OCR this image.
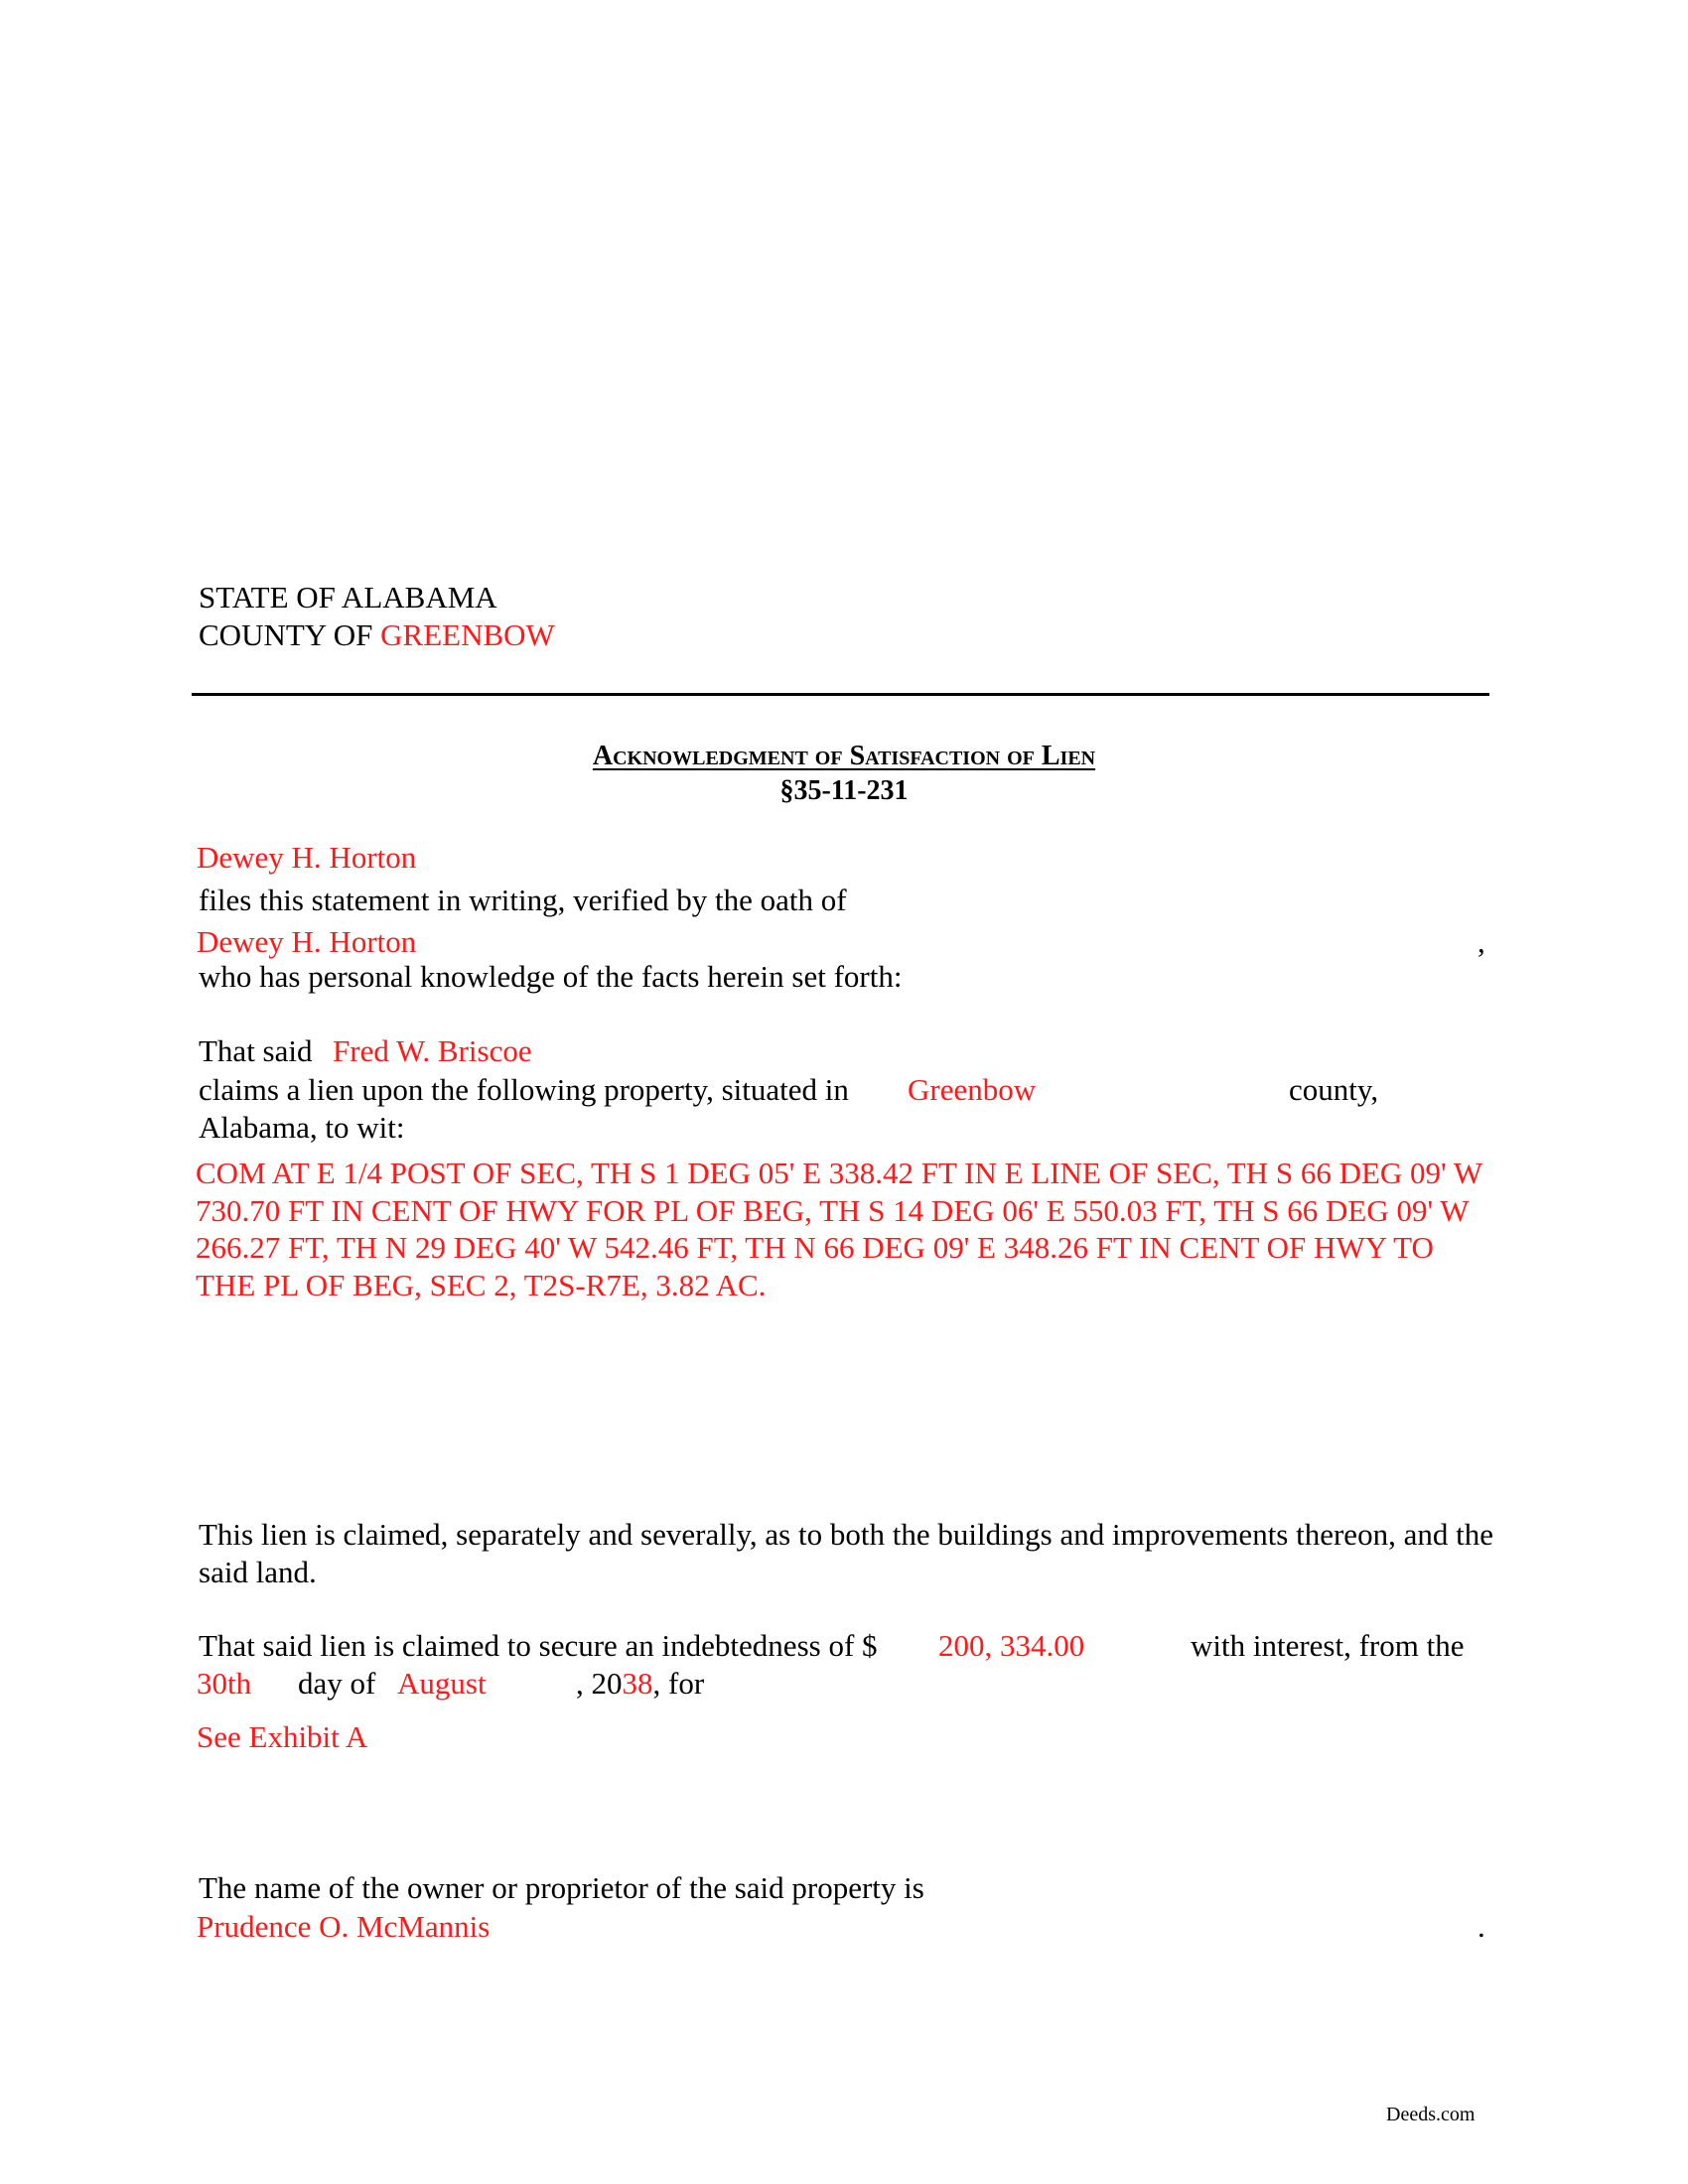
STATE OF ALABAMA
COUNTY OF GREENBOW
Acknowledgment of Satisfaction of Lien
§35-11-231
Dewey H. Horton
files this statement in writing, verified by the oath of
Dewey H. Horton	,
who has personal knowledge of the facts herein set forth:
That said Fred W. Briscoe
claims a lien upon the following property, situated in Greenbow	county,
Alabama, to wit:
COM AT E 1/4 POST OF SEC, TH S 1 DEG 05' E 338.42 FT IN E LINE OF SEC, TH S 66 DEG 09' W 730.70 FT IN CENT OF HWY FOR PL OF BEG, TH S 14 DEG 06' E 550.03 FT, TH S 66 DEG 09' W 266.27 FT, TH N 29 DEG 40' W 542.46 FT, TH N 66 DEG 09' E 348.26 FT IN CENT OF HWY TO THE PL OF BEG, SEC 2, T2S-R7E, 3.82 AC.
This lien is claimed, separately and severally, as to both the buildings and improvements thereon, and the said land.
That said lien is claimed to secure an indebtedness of $ 200, 334.00	with interest, from the
30th day of August	, 2038, for
See Exhibit A
The name of the owner or proprietor of the said property is
Prudence O. McMannis	.
Deeds.com
